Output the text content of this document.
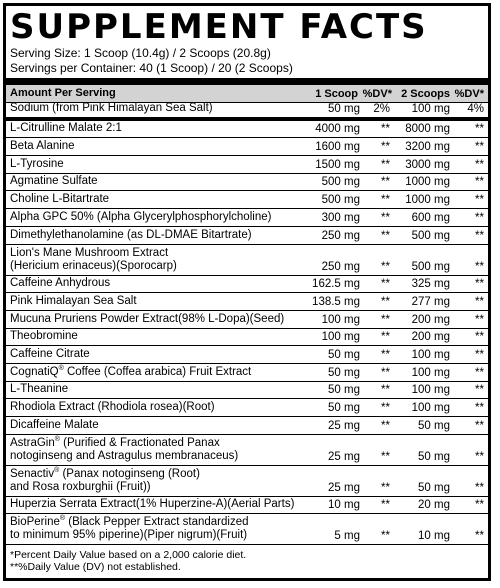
SUPPLEMENT FACTS
Serving Size: 1 Scoop (10.4g) / 2 Scoops (20.8g)
Servings per Container: 40 (1 Scoop) / 20 (2 Scoops)
Amount Per Serving	1 Scoop %DV* 2 Scoops %DV*
Sodium (from Pink Himalayan Sea Salt)	50 mg	2%	100 mg	4%
L-Citrulline Malate 2:1	4000 mg	**	8000 mg	**
Beta Alanine	1600 mg	**	3200 mg	**
L-Tyrosine	1500 mg	**	3000 mg	**
Agmatine Sulfate	500 mg	**	1000 mg	**
Choline L-Bitartrate	500 mg	**	1000 mg	**
Alpha GPC 50% (Alpha Glycerylphosphorylcholine)	300 mg	**	600 mg	**
Dimethylethanolamine (as DL-DMAE Bitartrate)	250 mg	**	500 mg	**
Lion's Mane Mushroom Extract
(Hericium erinaceus)(Sporocarp)	250 mg	**	500 mg	**
Caffeine Anhydrous	162.5 mg	**	325 mg	**
Pink Himalayan Sea Salt	138.5 mg	**	277 mg	**
Mucuna Pruriens Powder Extract(98% L-Dopa)(Seed)	100 mg	**	200 mg	**
Theobromine	100 mg	**	200 mg	**
Caffeine Citrate	50 mg	**	100 mg	**
CognatiQ® Coffee (Coffea arabica) Fruit Extract	50 mg	**	100 mg	**
L-Theanine	50 mg	**	100 mg	**
Rhodiola Extract (Rhodiola rosea)(Root)	50 mg	**	100 mg	**
Dicaffeine Malate	25 mg	**	50 mg	**
AstraGin® (Purified & Fractionated Panax
notoginseng and Astragulus membranaceus)	25 mg	**	50 mg	**
Senactiv® (Panax notoginseng (Root)
and Rosa roxburghii (Fruit))	25 mg	**	50 mg	**
Huperzia Serrata Extract(1% Huperzine-A)(Aerial Parts)	10 mg	**	20 mg	**
BioPerine® (Black Pepper Extract standardized
to minimum 95% piperine)(Piper nigrum)(Fruit)	5 mg	**	10 mg	**
*Percent Daily Value based on a 2,000 calorie diet.
**%Daily Value (DV) not established.
